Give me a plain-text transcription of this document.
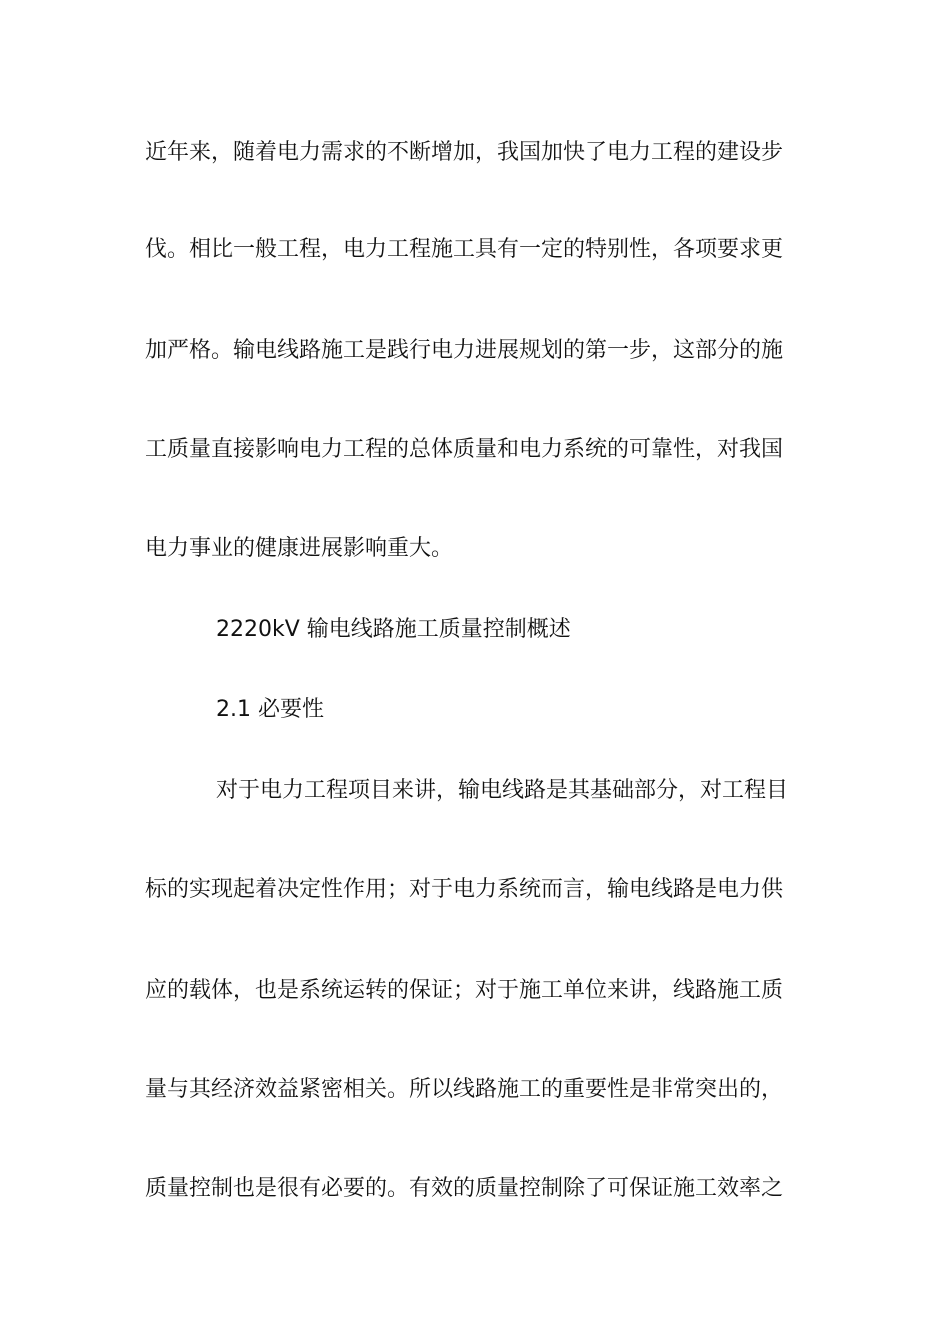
近年来，随着电力需求的不断增加，我国加快了电力工程的建设步
伐。相比一般工程，电力工程施工具有一定的特别性，各项要求更
加严格。输电线路施工是践行电力进展规划的第一步，这部分的施
工质量直接影响电力工程的总体质量和电力系统的可靠性，对我国
电力事业的健康进展影响重大。
2220kV 输电线路施工质量控制概述
2.1 必要性
对于电力工程项目来讲，输电线路是其基础部分，对工程目
标的实现起着决定性作用；对于电力系统而言，输电线路是电力供
应的载体，也是系统运转的保证；对于施工单位来讲，线路施工质
量与其经济效益紧密相关。所以线路施工的重要性是非常突出的，
质量控制也是很有必要的。有效的质量控制除了可保证施工效率之
